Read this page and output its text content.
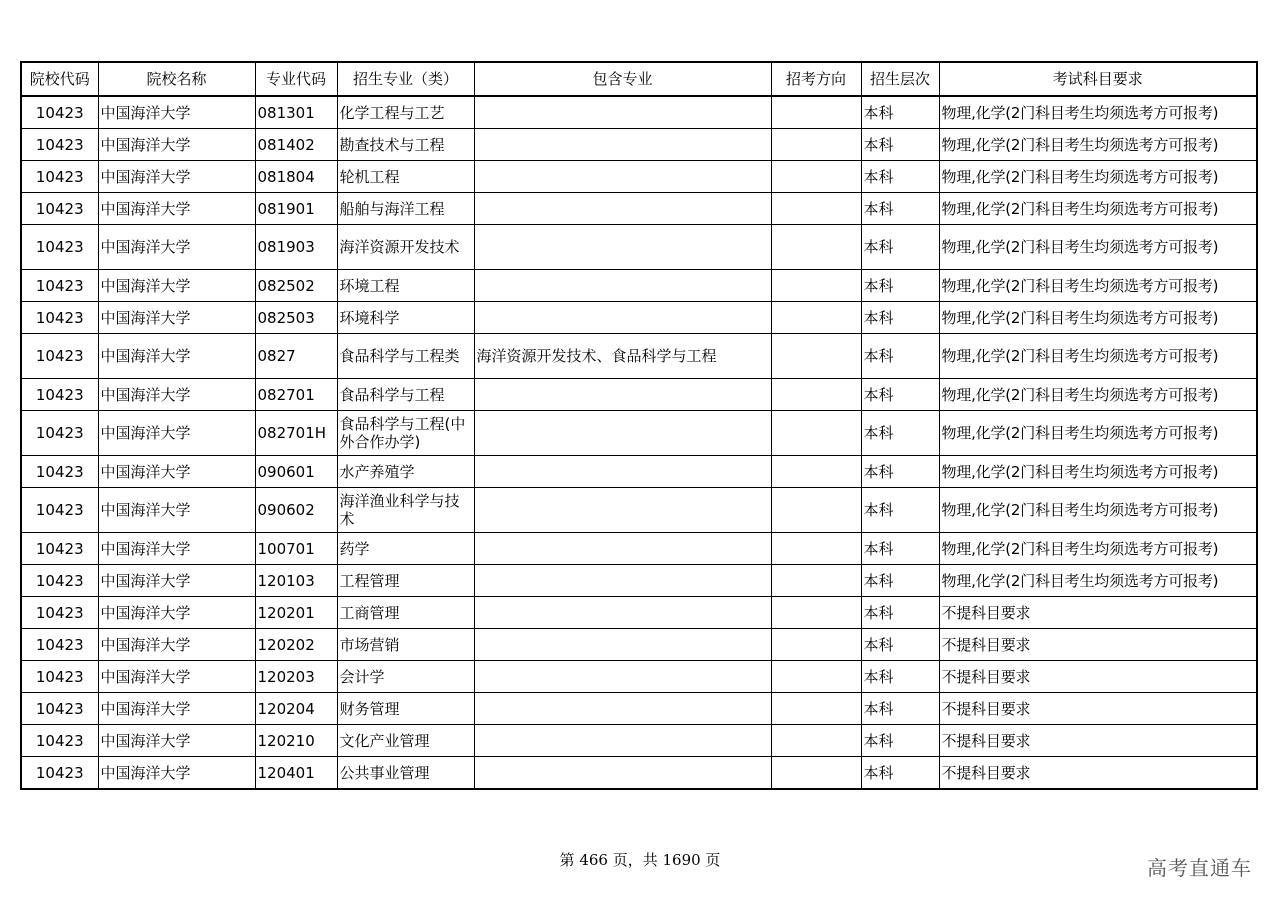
院校代码	院校名称	专业代码	招生专业（类）	包含专业	招考方向	招生层次	考试科目要求
10423	中国海洋大学	081301	化学工程与工艺			本科	物理,化学(2门科目考生均须选考方可报考)
10423	中国海洋大学	081402	勘查技术与工程			本科	物理,化学(2门科目考生均须选考方可报考)
10423	中国海洋大学	081804	轮机工程			本科	物理,化学(2门科目考生均须选考方可报考)
10423	中国海洋大学	081901	船舶与海洋工程			本科	物理,化学(2门科目考生均须选考方可报考)
10423	中国海洋大学	081903	海洋资源开发技术			本科	物理,化学(2门科目考生均须选考方可报考)
10423	中国海洋大学	082502	环境工程			本科	物理,化学(2门科目考生均须选考方可报考)
10423	中国海洋大学	082503	环境科学			本科	物理,化学(2门科目考生均须选考方可报考)
10423	中国海洋大学	0827	食品科学与工程类	海洋资源开发技术、食品科学与工程		本科	物理,化学(2门科目考生均须选考方可报考)
10423	中国海洋大学	082701	食品科学与工程			本科	物理,化学(2门科目考生均须选考方可报考)
10423	中国海洋大学	082701H	食品科学与工程(中外合作办学)			本科	物理,化学(2门科目考生均须选考方可报考)
10423	中国海洋大学	090601	水产养殖学			本科	物理,化学(2门科目考生均须选考方可报考)
10423	中国海洋大学	090602	海洋渔业科学与技术			本科	物理,化学(2门科目考生均须选考方可报考)
10423	中国海洋大学	100701	药学			本科	物理,化学(2门科目考生均须选考方可报考)
10423	中国海洋大学	120103	工程管理			本科	物理,化学(2门科目考生均须选考方可报考)
10423	中国海洋大学	120201	工商管理			本科	不提科目要求
10423	中国海洋大学	120202	市场营销			本科	不提科目要求
10423	中国海洋大学	120203	会计学			本科	不提科目要求
10423	中国海洋大学	120204	财务管理			本科	不提科目要求
10423	中国海洋大学	120210	文化产业管理			本科	不提科目要求
10423	中国海洋大学	120401	公共事业管理			本科	不提科目要求
第 466 页，共 1690 页	高考直通车
